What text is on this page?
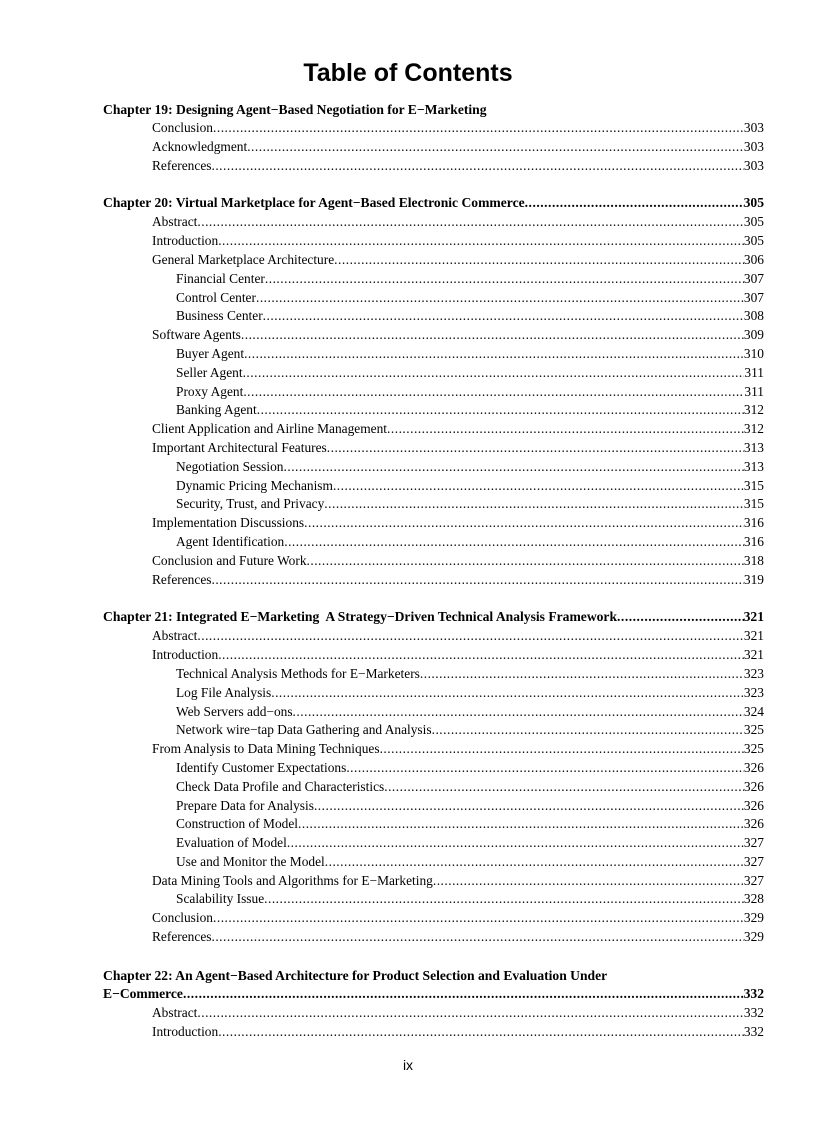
Table of Contents
Chapter 19: Designing Agent−Based Negotiation for E−Marketing
Conclusion .....	303
Acknowledgment .....	303
References .....	303
Chapter 20: Virtual Marketplace for Agent−Based Electronic Commerce .....	305
Abstract .....	305
Introduction .....	305
General Marketplace Architecture .....	306
Financial Center .....	307
Control Center .....	307
Business Center .....	308
Software Agents .....	309
Buyer Agent .....	310
Seller Agent .....	311
Proxy Agent .....	311
Banking Agent .....	312
Client Application and Airline Management .....	312
Important Architectural Features .....	313
Negotiation Session .....	313
Dynamic Pricing Mechanism .....	315
Security, Trust, and Privacy .....	315
Implementation Discussions .....	316
Agent Identification .....	316
Conclusion and Future Work .....	318
References .....	319
Chapter 21: Integrated E−Marketing  A Strategy−Driven Technical Analysis Framework .....	321
Abstract .....	321
Introduction .....	321
Technical Analysis Methods for E−Marketers .....	323
Log File Analysis .....	323
Web Servers add−ons .....	324
Network wire−tap Data Gathering and Analysis .....	325
From Analysis to Data Mining Techniques .....	325
Identify Customer Expectations .....	326
Check Data Profile and Characteristics .....	326
Prepare Data for Analysis .....	326
Construction of Model .....	326
Evaluation of Model .....	327
Use and Monitor the Model .....	327
Data Mining Tools and Algorithms for E−Marketing .....	327
Scalability Issue .....	328
Conclusion .....	329
References .....	329
Chapter 22: An Agent−Based Architecture for Product Selection and Evaluation Under
E−Commerce .....	332
Abstract .....	332
Introduction .....	332
ix
